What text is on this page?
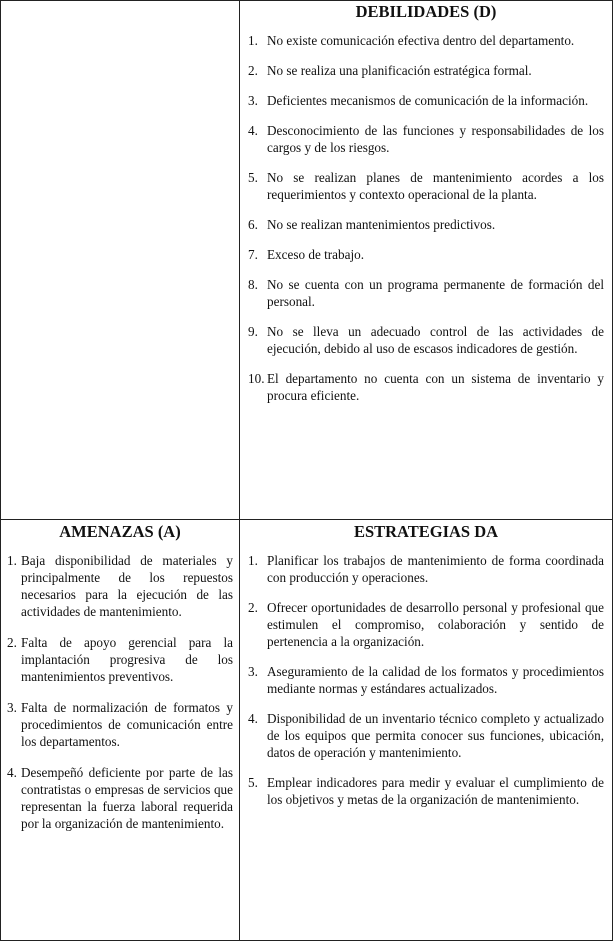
DEBILIDADES (D)
1. No existe comunicación efectiva dentro del departamento.
2. No se realiza una planificación estratégica formal.
3. Deficientes mecanismos de comunicación de la información.
4. Desconocimiento de las funciones y responsabilidades de los cargos y de los riesgos.
5. No se realizan planes de mantenimiento acordes a los requerimientos y contexto operacional de la planta.
6. No se realizan mantenimientos predictivos.
7. Exceso de trabajo.
8. No se cuenta con un programa permanente de formación del personal.
9. No se lleva un adecuado control de las actividades de ejecución, debido al uso de escasos indicadores de gestión.
10. El departamento no cuenta con un sistema de inventario y procura eficiente.
AMENAZAS (A)
1. Baja disponibilidad de materiales y principalmente de los repuestos necesarios para la ejecución de las actividades de mantenimiento.
2. Falta de apoyo gerencial para la implantación progresiva de los mantenimientos preventivos.
3. Falta de normalización de formatos y procedimientos de comunicación entre los departamentos.
4. Desempeñó deficiente por parte de las contratistas o empresas de servicios que representan la fuerza laboral requerida por la organización de mantenimiento.
ESTRATEGIAS DA
1. Planificar los trabajos de mantenimiento de forma coordinada con producción y operaciones.
2. Ofrecer oportunidades de desarrollo personal y profesional que estimulen el compromiso, colaboración y sentido de pertenencia a la organización.
3. Aseguramiento de la calidad de los formatos y procedimientos mediante normas y estándares actualizados.
4. Disponibilidad de un inventario técnico completo y actualizado de los equipos que permita conocer sus funciones, ubicación, datos de operación y mantenimiento.
5. Emplear indicadores para medir y evaluar el cumplimiento de los objetivos y metas de la organización de mantenimiento.
